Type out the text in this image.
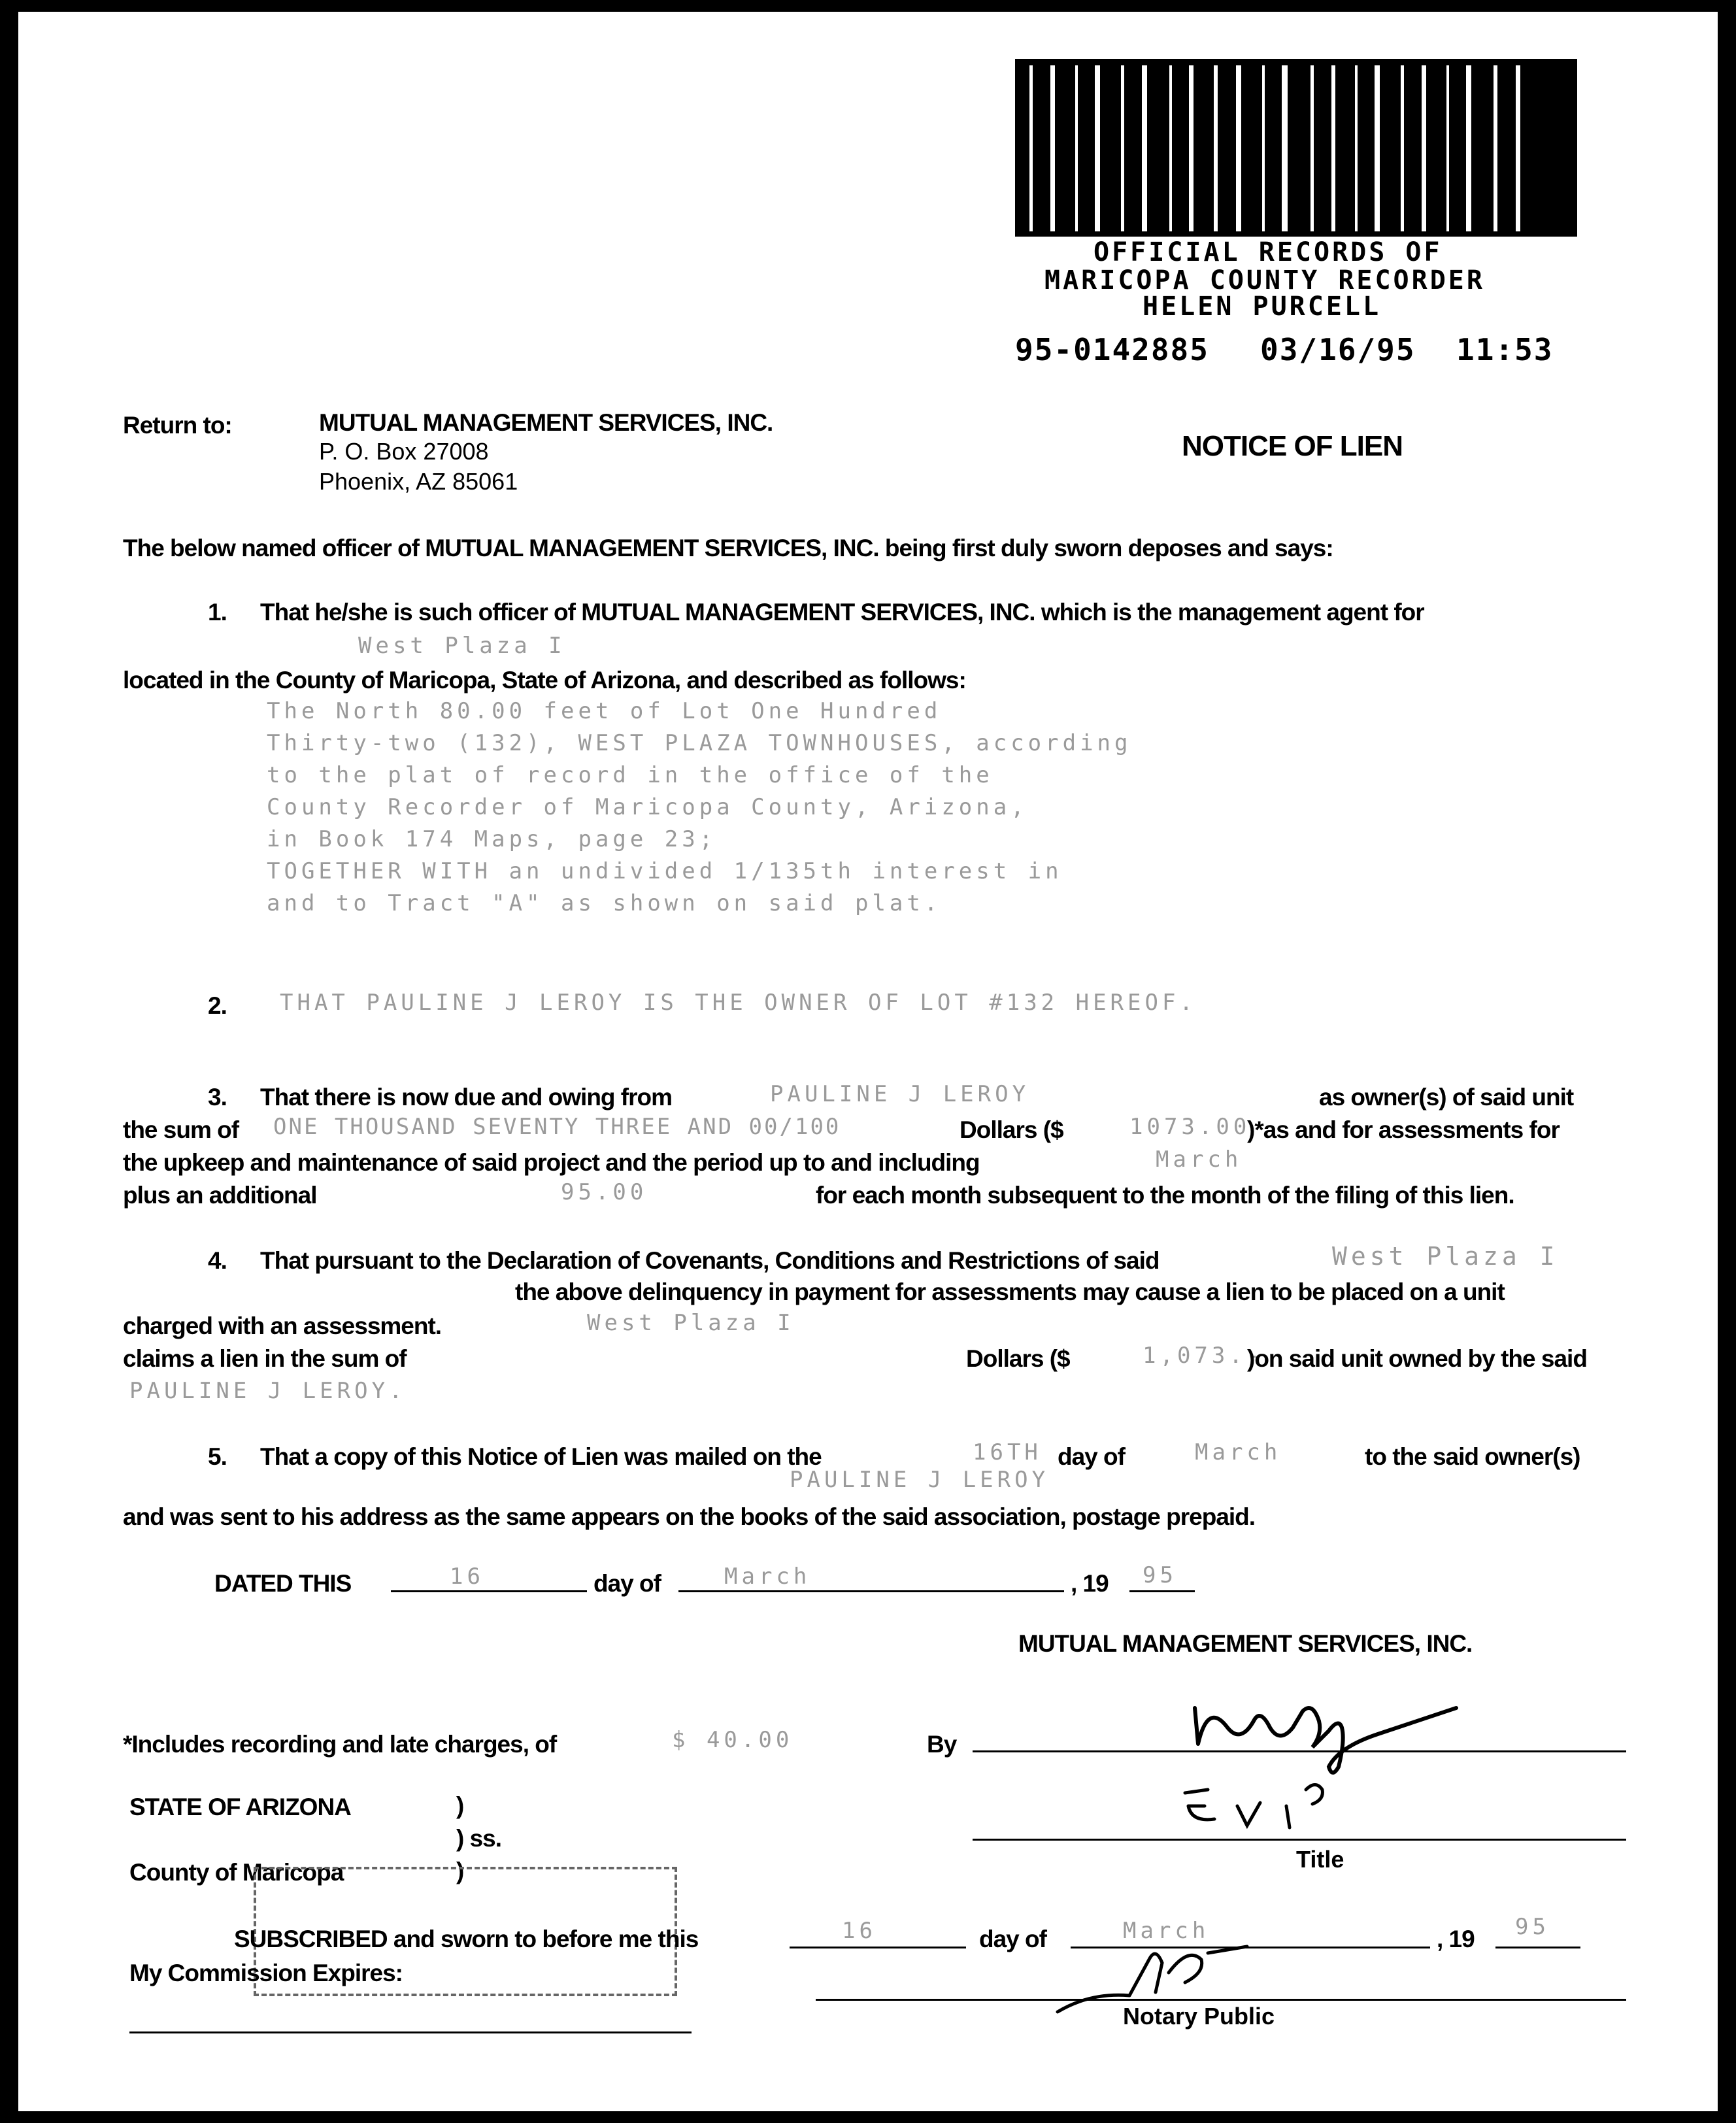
OFFICIAL RECORDS OF
MARICOPA COUNTY RECORDER
HELEN PURCELL
95-0142885 03/16/95 11:53
Return to:	MUTUAL MANAGEMENT SERVICES, INC.
P. O. Box 27008
Phoenix, AZ 85061
NOTICE OF LIEN
The below named officer of MUTUAL MANAGEMENT SERVICES, INC. being first duly sworn deposes and says:
1. That he/she is such officer of MUTUAL MANAGEMENT SERVICES, INC. which is the management agent for
West Plaza I
located in the County of Maricopa, State of Arizona, and described as follows:
The North 80.00 feet of Lot One Hundred
Thirty-two (132), WEST PLAZA TOWNHOUSES, according
to the plat of record in the office of the
County Recorder of Maricopa County, Arizona,
in Book 174 Maps, page 23;
TOGETHER WITH an undivided 1/135th interest in
and to Tract "A" as shown on said plat.
2. THAT PAULINE J LEROY IS THE OWNER OF LOT #132 HEREOF.
3. That there is now due and owing from	PAULINE J LEROY	as owner(s) of said unit
the sum of ONE THOUSAND SEVENTY THREE AND 00/100	Dollars ($	1073.00
)*as and for assessments for
the upkeep and maintenance of said project and the period up to and including	March
plus an additional	95.00	for each month subsequent to the month of the filing of this lien.
4. That pursuant to the Declaration of Covenants, Conditions and Restrictions of said	West Plaza I
the above delinquency in payment for assessments may cause a lien to be placed on a unit
charged with an assessment.	West Plaza I
claims a lien in the sum of	Dollars ($	1,073.-
)on said unit owned by the said
PAULINE J LEROY.
5. That a copy of this Notice of Lien was mailed on the	16TH day of	March	to the said owner(s)
PAULINE J LEROY
and was sent to his address as the same appears on the books of the said association, postage prepaid.
DATED THIS	16	day of	March	, 19 95
MUTUAL MANAGEMENT SERVICES, INC.
*Includes recording and late charges, of	$ 40.00	By
Title
STATE OF ARIZONA	)
) ss.
County of Maricopa	)
SUBSCRIBED and sworn to before me this	16	day of	March	, 19 95
My Commission Expires:
Notary Public
